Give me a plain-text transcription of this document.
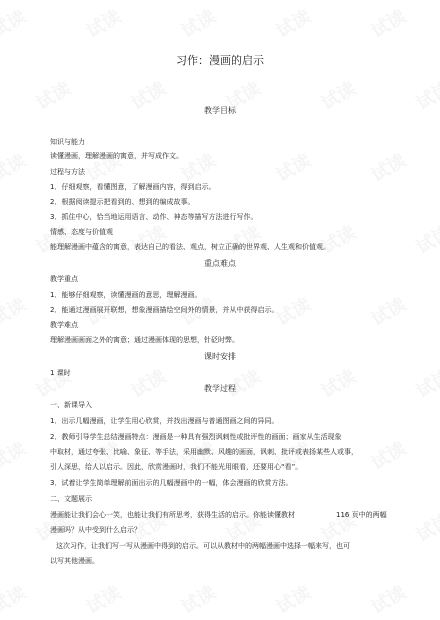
习作：漫画的启示
教学目标
知识与能力
读懂漫画，理解漫画的寓意，并写成作文。
过程与方法
1．仔细观察，看懂图意，了解漫画内容，得到启示。
2．根据阅读提示把看到的、想到的编成故事。
3．抓住中心，恰当地运用语言、动作、神态等描写方法进行写作。
情感、态度与价值观
能理解漫画中蕴含的寓意，表达自己的看法、观点，树立正确的世界观、人生观和价值观。
重点难点
教学重点
1．能够仔细观察，读懂漫画的意思，理解漫画。
2．能通过漫画展开联想，想象漫画描绘空间外的情景，并从中获得启示。
教学难点
理解漫画画面之外的寓意；通过漫画体现的思想，针砭时弊。
课时安排
1 课时
教学过程
一、新课导入
1．出示几幅漫画，让学生用心欣赏，并找出漫画与普通图画之间的异同。
2．教师引导学生总结漫画特点：漫画是一种具有强烈讽刺性或批评性的画面；画家从生活现象
中取材，通过夸张、比喻、象征、等手法，采用幽默、风趣的画面，讽刺、批评或表扬某些人或事，
引人深思，给人以启示。因此，欣赏漫画时，我们不能光用眼看，还要用心“看”。
3．试着让学生简单理解前面出示的几幅漫画中的一幅，体会漫画的欣赏方法。
二、文题展示
漫画能让我们会心一笑，也能让我们有所思考，获得生活的启示。你能读懂教材	116 页中的两幅
漫画吗？从中受到什么启示？
这次习作，让我们写一写从漫画中得到的启示。可以从教材中的两幅漫画中选择一幅来写，也可
以写其他漫画。
